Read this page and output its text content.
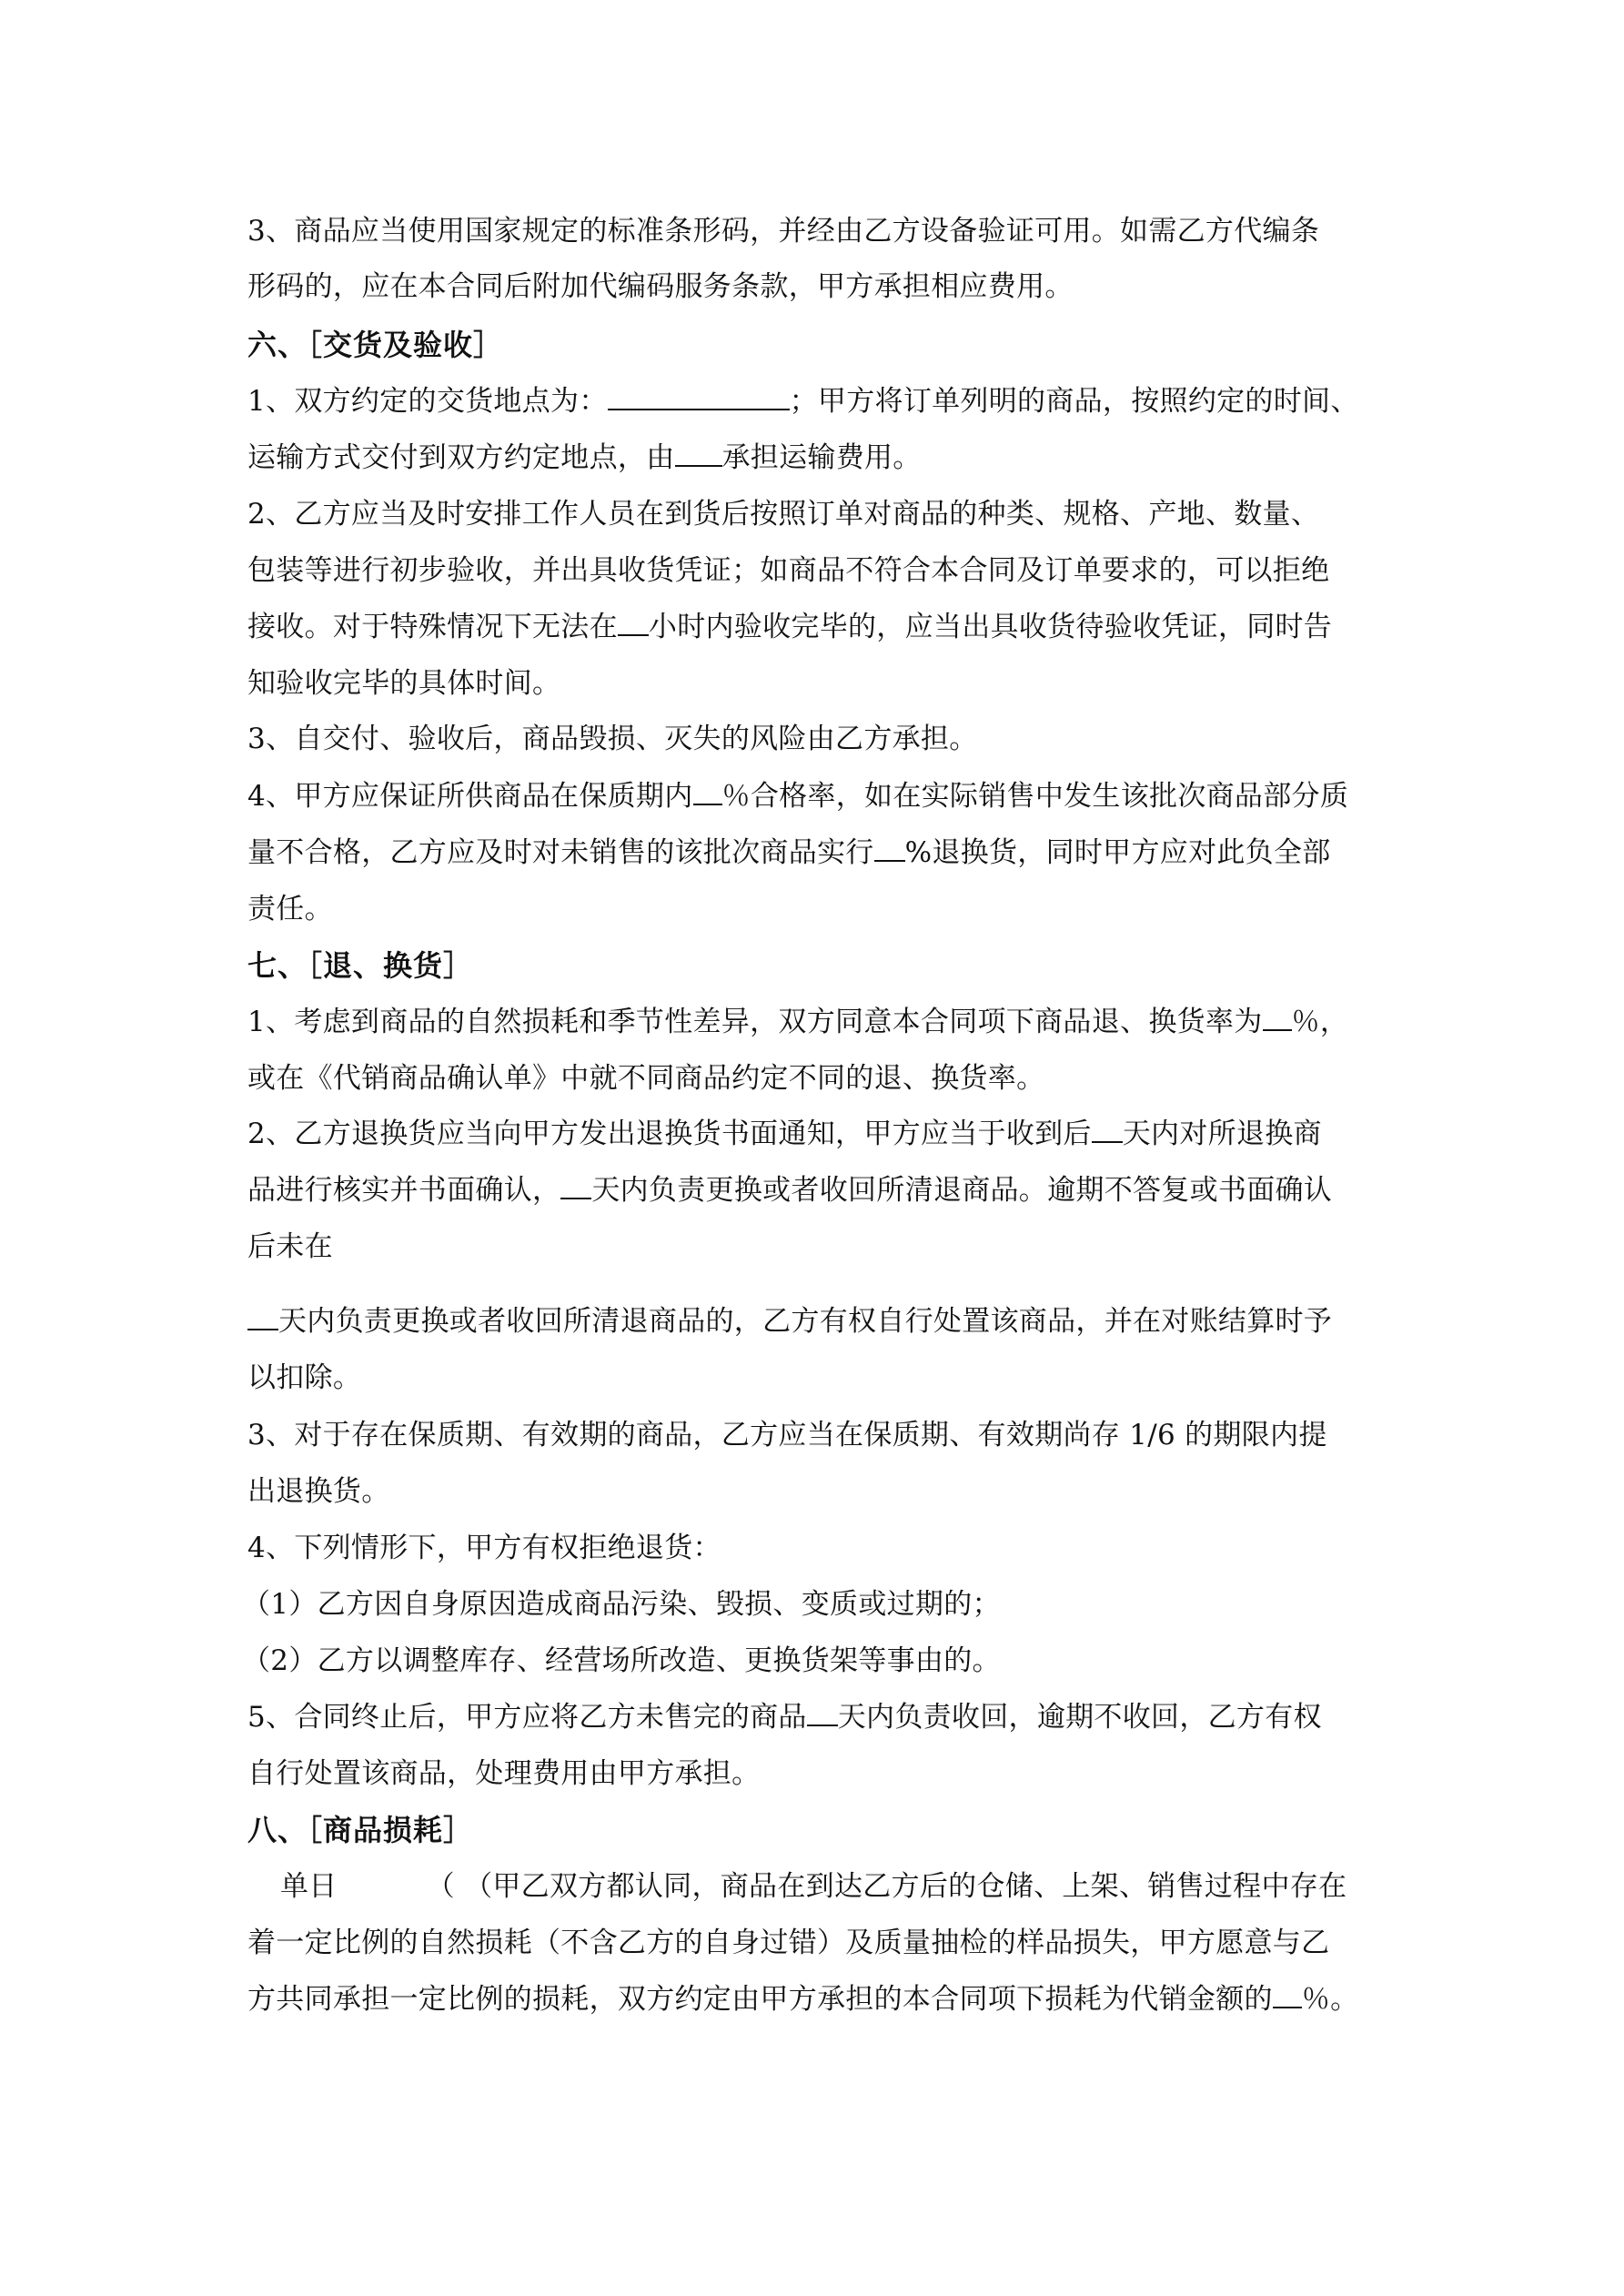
3、商品应当使用国家规定的标准条形码，并经由乙方设备验证可用。如需乙方代编条
形码的，应在本合同后附加代编码服务条款，甲方承担相应费用。
六、［交货及验收］
1、双方约定的交货地点为：	；甲方将订单列明的商品，按照约定的时间、
运输方式交付到双方约定地点，由 承担运输费用。
2、乙方应当及时安排工作人员在到货后按照订单对商品的种类、规格、产地、数量、
包装等进行初步验收，并出具收货凭证；如商品不符合本合同及订单要求的，可以拒绝
接收。对于特殊情况下无法在 小时内验收完毕的，应当出具收货待验收凭证，同时告
知验收完毕的具体时间。
3、自交付、验收后，商品毁损、灭失的风险由乙方承担。
4、甲方应保证所供商品在保质期内 ％合格率，如在实际销售中发生该批次商品部分质
量不合格，乙方应及时对未销售的该批次商品实行 %退换货，同时甲方应对此负全部
责任。
七、［退、换货］
1、考虑到商品的自然损耗和季节性差异，双方同意本合同项下商品退、换货率为 ％，
或在《代销商品确认单》中就不同商品约定不同的退、换货率。
2、乙方退换货应当向甲方发出退换货书面通知，甲方应当于收到后 天内对所退换商
品进行核实并书面确认， 天内负责更换或者收回所清退商品。逾期不答复或书面确认
后未在
天内负责更换或者收回所清退商品的，乙方有权自行处置该商品，并在对账结算时予
以扣除。
3、对于存在保质期、有效期的商品，乙方应当在保质期、有效期尚存 1/6 的期限内提
出退换货。
4、下列情形下，甲方有权拒绝退货：
（1）乙方因自身原因造成商品污染、毁损、变质或过期的；
（2）乙方以调整库存、经营场所改造、更换货架等事由的。
5、合同终止后，甲方应将乙方未售完的商品 天内负责收回，逾期不收回，乙方有权
自行处置该商品，处理费用由甲方承担。
八、［商品损耗］
单日	（ （甲乙双方都认同，商品在到达乙方后的仓储、上架、销售过程中存在
着一定比例的自然损耗（不含乙方的自身过错）及质量抽检的样品损失，甲方愿意与乙
方共同承担一定比例的损耗，双方约定由甲方承担的本合同项下损耗为代销金额的 ％。
